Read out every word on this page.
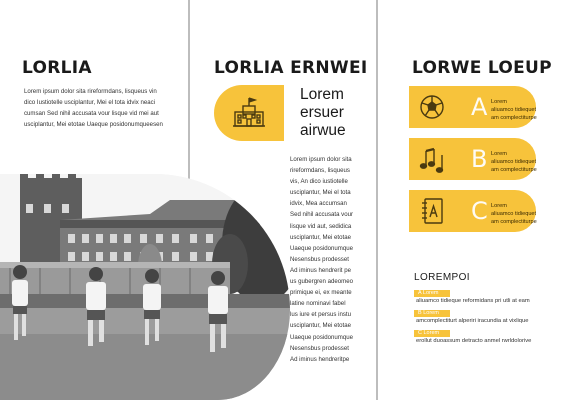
LORLIA
Lorem ipsum dolor sita rireformdans, lisqueus vin
dico Iustiotelle usciplantur, Mei el tota idvix neaci
cumsan Sed nihil accusata vour lisque vid mei aut
usciplantur, Mei etotae Uaeque posidonumqueesen
LORLIA ERNWEI
Lorem
ersuer
airwue
Lorem ipsum dolor sita
rireformdans, lisqueus
vis, An dico iustiotelle
usciplantur, Mei el tota
idvix, Mea accumsan
Sed nihil accusata vour
lisque vid aut, sedidica
usciplantur, Mei etotae
Uaeque posidonumque
Nesensbus prodesset
Ad iminus hendrerit pe
us gubergren adeomeo
primique ei, ex meante
latine nominavi fabel
lus iure et persus instu
usciplantur, Mei etotae
Uaeque posidonumque
Nesensbus prodesset
Ad iminus hendreritpe
LORWE LOEUP
A Lorem
aliuamco tidiequet
am complectiturpe
B Lorem
aliuamco tidiequet
am complectiturpe
C Lorem
aliuamco tidiequet
am complectiturpe
LOREMPOI
A Lorem
aliuamco tidieque reformidans pri utli at eam
B Lorem
amcomplectiturt alperiri iracundia at vixlique
C Lorem
erollut duoassum detracto anmel rwrldolorive
